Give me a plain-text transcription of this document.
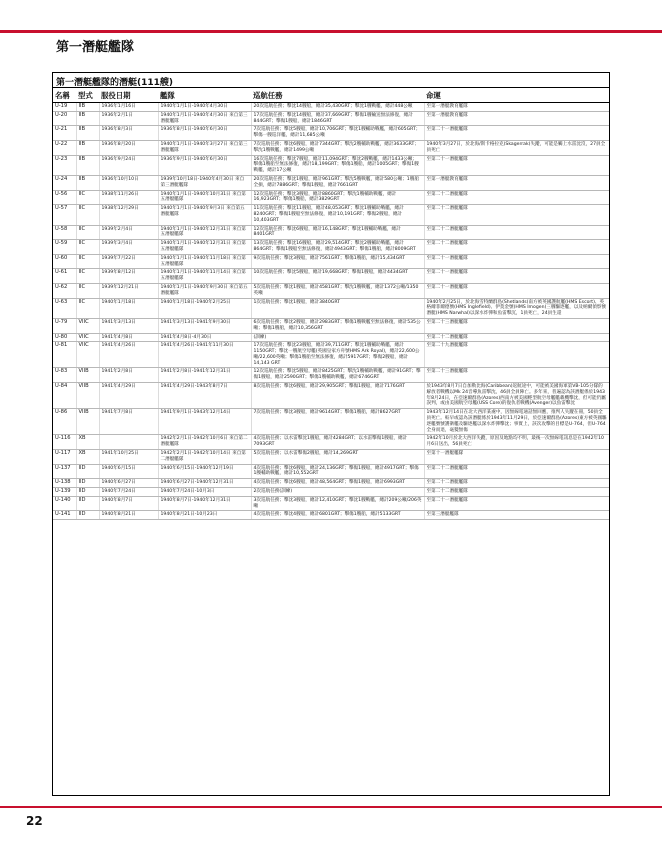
第一潛艇艦隊
第一潛艇艦隊的潛艇(111艘)
名稱	型式	服役日期	艦隊	巡航任務	命運
U-19	IIB	1936年1月16日	1940年1月1日-1940年4月30日	20次巡航任務；擊沈14艘船，總計35,430GRT；擊沈1艘戰艦，總計448公噸	至第一潛艇教育艦隊
U-20	IIB	1936年2月1日	1940年1月1日-1940年4月30日 來自第三潛艇艦隊	17次巡航任務；擊沈14艘船，總計37,669GRT；擊傷1艘輸送無法修復，總計844GRT；擊傷1艘船，總計1846GRT	至第一潛艇教育艦隊
U-21	IIB	1936年8月3日	1936年8月1日-1940年6月30日	7次巡航任務；擊沈5艘船，總計10,706GRT；擊沈1艘輔助戰艦，總計605GRT；擊傷一艘巡洋艦，總計11,685公噸	至第二十一潛艇艦隊
U-22	IIB	1936年8月20日	1940年1月1日-1940年3月27日 來自第三潛艇艦隊	7次巡航任務；擊沈6艘船，總計7344GRT；擊沈2艘輔助戰艦，總計3633GRT；擊沈1艘戰艦，總計1499公噸	1940年3月27日，於北海/斯卡格拉克(Skagerrak)失蹤，可能是觸上水雷沈沒，27員全員死亡
U-23	IIB	1936年9月24日	1936年9月1日-1940年6月30日	16次巡航任務；擊沈7艘船，總計11,094GRT；擊沈2艘戰艦，總計1433公噸；擊傷1艘船至無法修復，總計18,199GRT；擊傷1艘船，總計1005GRT；擊傷1艘戰艦，總計17公噸	至第二十一潛艇艦隊
U-24	IIB	1936年10月10日	1939年10月18日-1940年4月30日 來自第三潛艇艦隊	20次巡航任務；擊沈1艘船，總計961GRT；擊沈5艘戰艦，總計580公噸；1艘船全損，總計7886GRT；擊傷1艘船，總計7661GRT	至第一潛艇教育艦隊
U-56	IIC	1938年11月26日	1940年1月1日-1940年10月31日 來自第五潛艇艦隊	12次巡航任務；擊沈3艘船，總計8860GRT；擊沈1艘輔助戰艦，總計16,923GRT；擊傷1艘船，總計3829GRT	至第二十二潛艇艦隊
U-57	IIC	1938年12月29日	1940年1月1日-1940年9月3日 來自第五潛艇艦隊	11次巡航任務；擊沈11艘船，總計48,053GRT；擊沈1艘輔助戰艦，總計8240GRT；擊傷1艘船至無法修復，總計10,191GRT；擊傷2艘船，總計10,403GRT	至第二十二潛艇艦隊
U-58	IIC	1939年2月4日	1940年1月1日-1940年12月31日 來自第五潛艇艦隊	12次巡航任務；擊沈6艘船，總計16,148GRT；擊沈1艘輔助戰艦，總計8401GRT	至第二十二潛艇艦隊
U-59	IIC	1939年3月4日	1940年1月1日-1940年12月31日 來自第五潛艇艦隊	13次巡航任務；擊沈16艘船，總計29,514GRT；擊沈2艘輔助戰艦，總計864GRT；擊傷1艘船至無法修復，總計4943GRT；擊傷1艘船，總計8009GRT	至第二十二潛艇艦隊
U-60	IIC	1939年7月22日	1940年1月1日-1940年11月18日 來自第五潛艇艦隊	9次巡航任務；擊沈3艘船，總計7561GRT；擊傷1艘船，總計15,434GRT	至第二十一潛艇艦隊
U-61	IIC	1939年8月12日	1940年1月1日-1940年11月14日 來自第五潛艇艦隊	10次巡航任務；擊沈5艘船，總計19,668GRT；擊傷1艘船，總計4434GRT	至第二十一潛艇艦隊
U-62	IIC	1939年12月21日	1940年1月1日-1940年9月30日 來自第五潛艇艦隊	5次巡航任務；擊沈1艘船，總計4581GRT；擊沈1艘戰艦，總計1372公噸/1350英噸	至第二十一潛艇艦隊
U-63	IIC	1940年1月18日	1940年1月18日-1940年2月25日	1次巡航任務；擊沈1艘船，總計3840GRT	1940年2月25日，於北海雪特蘭群島(Shetlands)南方被英國護航艦(HMS Escort)、英格爾菲爾德號(HMS Inglefield)、伊莫金號(HMS Imogen)三艘驅逐艦，以及納爾偵察號潛艇(HMS Narwhal)以深水炸彈和魚雷擊沉，1員死亡，24員生還
U-79	VIIC	1941年3月13日	1941年3月13日-1941年9月30日	6次巡航任務；擊沈2艘船，總計2983GRT；擊傷1艘戰艦至無法修復，總計535公噸；擊傷1艘船，總計10,356GRT	至第二十三潛艇艦隊
U-80	VIIC	1941年4月8日	1941年4月8日-4月30日	(訓練)	至第二十二潛艇艦隊
U-81	VIIC	1941年4月26日	1941年4月26日-1941年11月30日	17次巡航任務；擊沈23艘船，總計39,711GRT；擊沈1艘輔助戰艦，總計1150GRT；擊沈一艘航空母艦(英國皇家方舟號HMS Ark Royal)，總計22,600公噸/22,600英噸；擊傷1艘船至無法修復，總計5917GRT；擊傷2艘船，總計14,143 GRT	至第二十九潛艇艦隊
U-83	VIIB	1941年2月8日	1941年2月8日-1941年12月31日	12次巡航任務；擊沈5艘船，總計8425GRT；擊沈1艘輔助戰艦，總計91GRT；擊傷1艘船，總計2590GRT；擊傷1艘輔助戰艦，總計6746GRT	至第二十三潛艇艦隊
U-84	VIIB	1941年4月29日	1941年4月29日-1943年8月7日	8次巡航任務；擊沈6艘船，總計29,905GRT；擊傷1艘船，總計7176GRT	於1943年8月7日自加勒比海(Caribbean)返航途中，可能被美國海軍第VB-105分隊的解放者戰機以Mk 24音導魚雷擊沈，46員全員陣亡。多年來，普遍認為該潛艇係於1943年8月24日，在亞速爾群島(Azores)西南方被美國輕型航空母艦艦載機擊沈，但可能仍屬誤判，或由美國航空母艦(USS Core)的復仇者戰機(Avenger)以魚雷擊沈
U-86	VIIB	1941年7月8日	1941年9月1日-1943年12月14日	7次巡航任務；擊沈3艘船，總計9614GRT；擊傷1艘船，總計8627GRT	1943年12月14日在北大西洋某處中，因無線電通話無回應，推判人失蹤在冊，50員全員死亡。較早或認為該潛艇係於1943年11月29日，於亞速爾群島(Azores)東方被英國驅逐艦號號護衛艦及驅逐艦以深水炸彈擊沈；事實上，該次攻擊的目標是U-764，但U-764全身而退，毫髮無傷
U-116	XB		1942年2月1日-1942年10月6日 來自第二潛艇艦隊	4次巡航任務；以水雷擊沈1艘船，總計4284GRT；以水雷擊傷1艘船，總計7093GRT	1942年10月於北大西洋失蹤，原因及地點均不明，最後一次無線電訊息是在1942年10月6日送出，56員死亡
U-117	XB	1941年10月25日	1942年2月1日-1942年10月14日 來自第二潛艇艦隊	5次巡航任務；以水雷擊傷2艘船，總計14,269GRT	至第十一潛艇艦隊
U-137	IID	1940年6月15日	1940年6月15日-1940年12月19日	4次巡航任務；擊沈6艘船，總計24,136GRT；擊傷1艘船，總計4917GRT；擊傷1艘輔助戰艦，總計10,552GRT	至第二十二潛艇艦隊
U-138	IID	1940年6月27日	1940年6月27日-1940年12月31日	4次巡航任務；擊沈6艘船，總計48,564GRT；擊傷1艘船，總計6993GRT	至第二十二潛艇艦隊
U-139	IID	1940年7月24日	1940年7月24日-10月3日	2次巡航任務(訓練)	至第二十二潛艇艦隊
U-140	IID	1940年8月7日	1940年8月7日-1940年12月31日	3次巡航任務；擊沈3艘船，總計12,410GRT；擊沈1艘戰艦，總計209公噸/206英噸	至第二十一潛艇艦隊
U-141	IID	1940年8月21日	1940年8月21日-10月23日	4次巡航任務；擊沈4艘船，總計6801GRT；擊傷1艘船，總計5133GRT	至第三潛艇艦隊
22
